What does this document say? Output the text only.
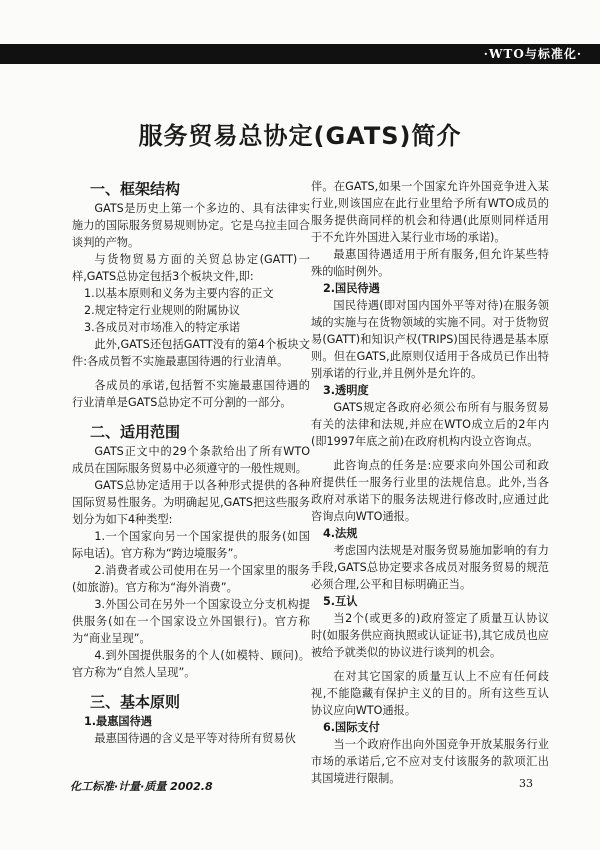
·WTO与标准化·
服务贸易总协定(GATS)简介
一、框架结构

GATS是历史上第一个多边的、具有法律实施力的国际服务贸易规则协定。它是乌拉圭回合谈判的产物。

与货物贸易方面的关贸总协定(GATT)一样,GATS总协定包括3个板块文件,即:

1.以基本原则和义务为主要内容的正文
2.规定特定行业规则的附属协议
3.各成员对市场准入的特定承诺

此外,GATS还包括GATT没有的第4个板块文件:各成员暂不实施最惠国待遇的行业清单。

各成员的承诺,包括暂不实施最惠国待遇的行业清单是GATS总协定不可分割的一部分。

二、适用范围

GATS正文中的29个条款给出了所有WTO成员在国际服务贸易中必须遵守的一般性规则。

GATS总协定适用于以各种形式提供的各种国际贸易性服务。为明确起见,GATS把这些服务划分为如下4种类型:

1.一个国家向另一个国家提供的服务(如国际电话)。官方称为“跨边境服务”。

2.消费者或公司使用在另一个国家里的服务(如旅游)。官方称为“海外消费”。

3.外国公司在另外一个国家设立分支机构提供服务(如在一个国家设立外国银行)。官方称为“商业呈现”。

4.到外国提供服务的个人(如模特、顾问)。官方称为“自然人呈现”。

三、基本原则
1.最惠国待遇

最惠国待遇的含义是平等对待所有贸易伙

伴。在GATS,如果一个国家允许外国竞争进入某行业,则该国应在此行业里给予所有WTO成员的服务提供商同样的机会和待遇(此原则同样适用于不允许外国进入某行业市场的承诺)。

最惠国待遇适用于所有服务,但允许某些特殊的临时例外。

2.国民待遇

国民待遇(即对国内国外平等对待)在服务领域的实施与在货物领域的实施不同。对于货物贸易(GATT)和知识产权(TRIPS)国民待遇是基本原则。但在GATS,此原则仅适用于各成员已作出特别承诺的行业,并且例外是允许的。

3.透明度

GATS规定各政府必须公布所有与服务贸易有关的法律和法规,并应在WTO成立后的2年内(即1997年底之前)在政府机构内设立咨询点。

此咨询点的任务是:应要求向外国公司和政府提供任一服务行业里的法规信息。此外,当各政府对承诺下的服务法规进行修改时,应通过此咨询点向WTO通报。

4.法规

考虑国内法规是对服务贸易施加影响的有力手段,GATS总协定要求各成员对服务贸易的规范必须合理,公平和目标明确正当。

5.互认

当2个(或更多的)政府签定了质量互认协议时(如服务供应商执照或认证证书),其它成员也应被给予就类似的协议进行谈判的机会。

在对其它国家的质量互认上不应有任何歧视,不能隐藏有保护主义的目的。所有这些互认协议应向WTO通报。

6.国际支付

当一个政府作出向外国竞争开放某服务行业市场的承诺后,它不应对支付该服务的款项汇出其国境进行限制。

化工标准·计量·质量 2002.8	33
